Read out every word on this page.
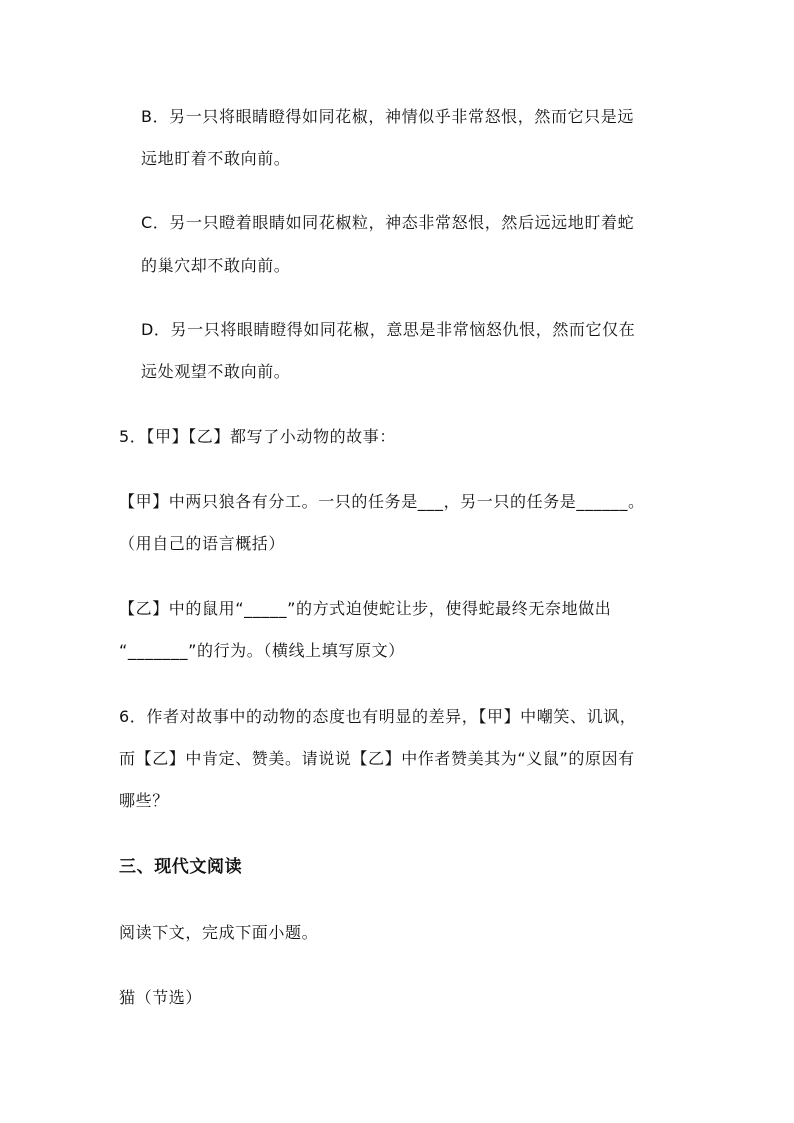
B．另一只将眼睛瞪得如同花椒，神情似乎非常怒恨，然而它只是远
远地盯着不敢向前。
C．另一只瞪着眼睛如同花椒粒，神态非常怒恨，然后远远地盯着蛇
的巢穴却不敢向前。
D．另一只将眼睛瞪得如同花椒，意思是非常恼怒仇恨，然而它仅在
远处观望不敢向前。
5．【甲】【乙】都写了小动物的故事：
【甲】中两只狼各有分工。一只的任务是___，另一只的任务是______。
（用自己的语言概括）
【乙】中的鼠用“_____”的方式迫使蛇让步，使得蛇最终无奈地做出
“_______”的行为。（横线上填写原文）
6．作者对故事中的动物的态度也有明显的差异，【甲】中嘲笑、讥讽，
而【乙】中肯定、赞美。请说说【乙】中作者赞美其为“义鼠”的原因有
哪些？
三、现代文阅读
阅读下文，完成下面小题。
猫（节选）
